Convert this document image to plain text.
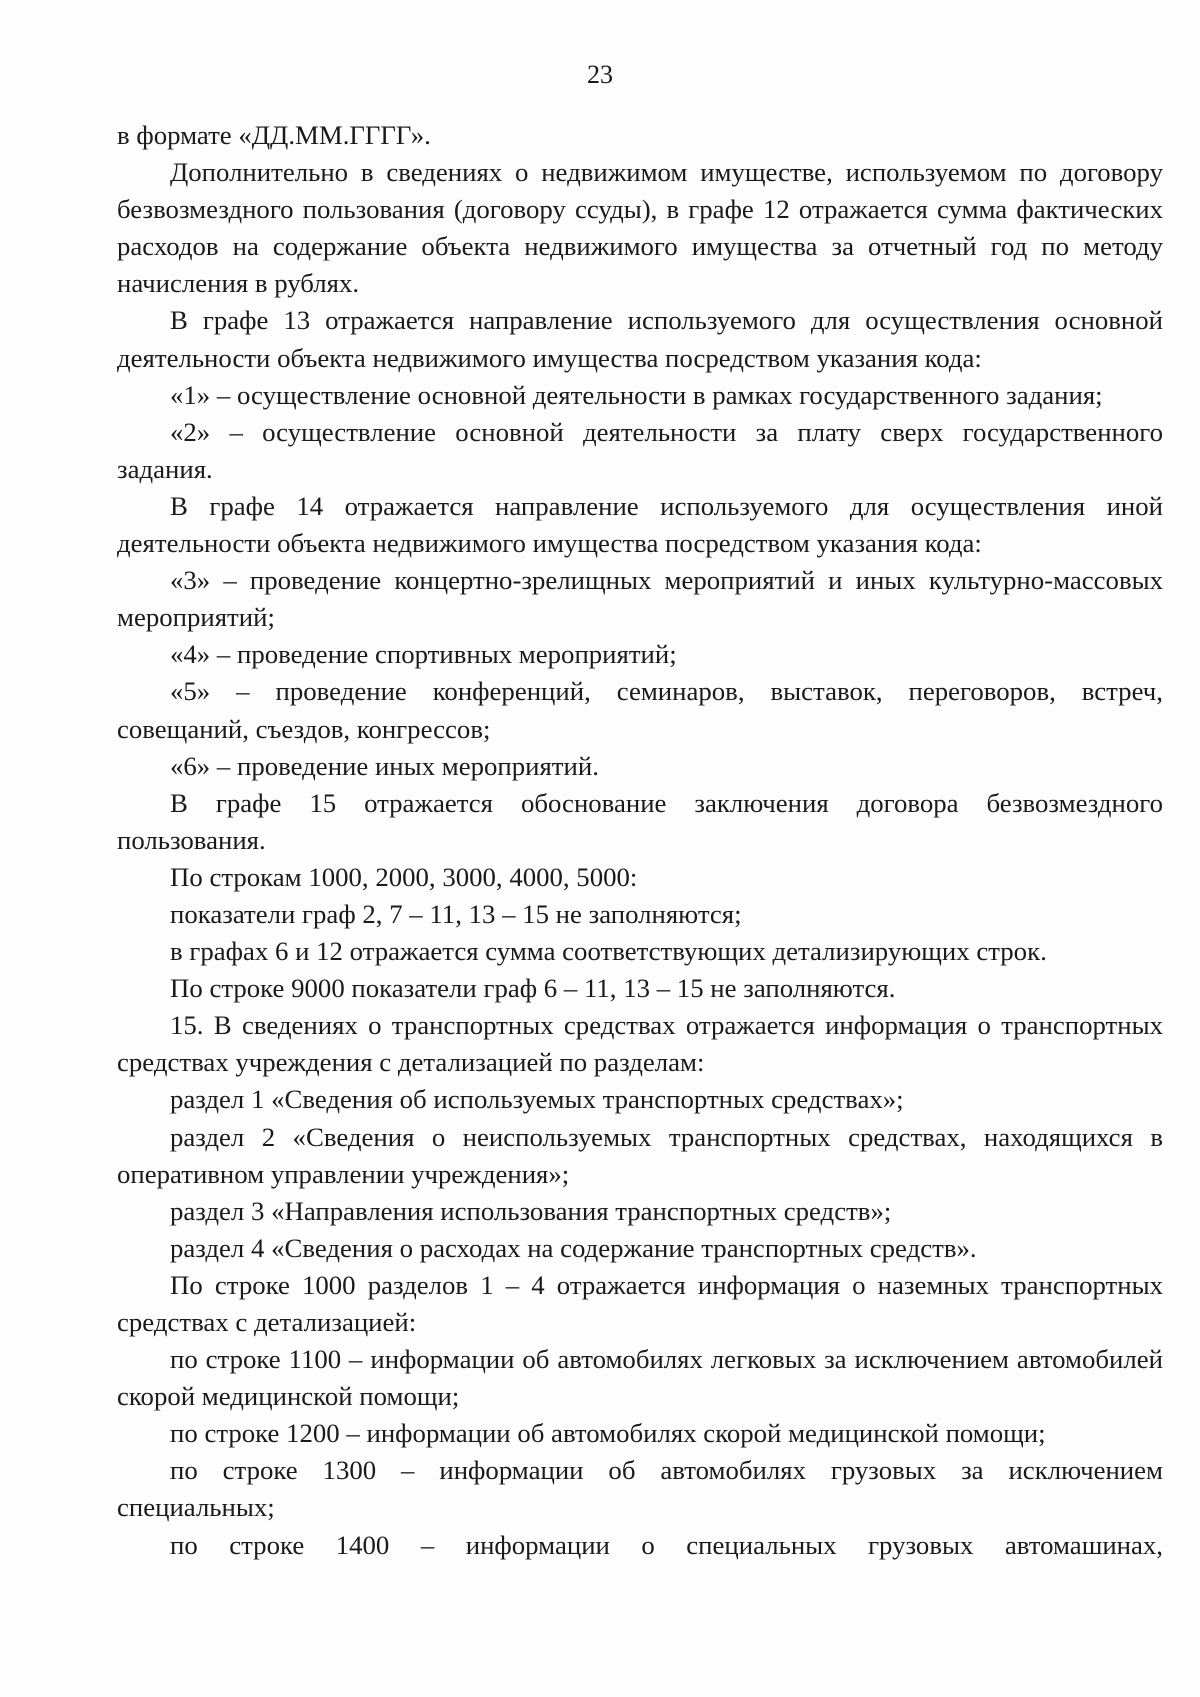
23

в формате «ДД.ММ.ГГГГ».

Дополнительно в сведениях о недвижимом имуществе, используемом по договору безвозмездного пользования (договору ссуды), в графе 12 отражается сумма фактических расходов на содержание объекта недвижимого имущества за отчетный год по методу начисления в рублях.

В графе 13 отражается направление используемого для осуществления основной деятельности объекта недвижимого имущества посредством указания кода:

«1» – осуществление основной деятельности в рамках государственного задания;

«2» – осуществление основной деятельности за плату сверх государственного задания.

В графе 14 отражается направление используемого для осуществления иной деятельности объекта недвижимого имущества посредством указания кода:

«3» – проведение концертно-зрелищных мероприятий и иных культурно-массовых мероприятий;

«4» – проведение спортивных мероприятий;

«5» – проведение конференций, семинаров, выставок, переговоров, встреч, совещаний, съездов, конгрессов;

«6» – проведение иных мероприятий.

В графе 15 отражается обоснование заключения договора безвозмездного пользования.

По строкам 1000, 2000, 3000, 4000, 5000:

показатели граф 2, 7 – 11, 13 – 15 не заполняются;

в графах 6 и 12 отражается сумма соответствующих детализирующих строк.

По строке 9000 показатели граф 6 – 11, 13 – 15 не заполняются.

15. В сведениях о транспортных средствах отражается информация о транспортных средствах учреждения с детализацией по разделам:

раздел 1 «Сведения об используемых транспортных средствах»;

раздел 2 «Сведения о неиспользуемых транспортных средствах, находящихся в оперативном управлении учреждения»;

раздел 3 «Направления использования транспортных средств»;

раздел 4 «Сведения о расходах на содержание транспортных средств».

По строке 1000 разделов 1 – 4 отражается информация о наземных транспортных средствах с детализацией:

по строке 1100 – информации об автомобилях легковых за исключением автомобилей скорой медицинской помощи;

по строке 1200 – информации об автомобилях скорой медицинской помощи;

по строке 1300 – информации об автомобилях грузовых за исключением специальных;

по строке 1400 – информации о специальных грузовых автомашинах,
